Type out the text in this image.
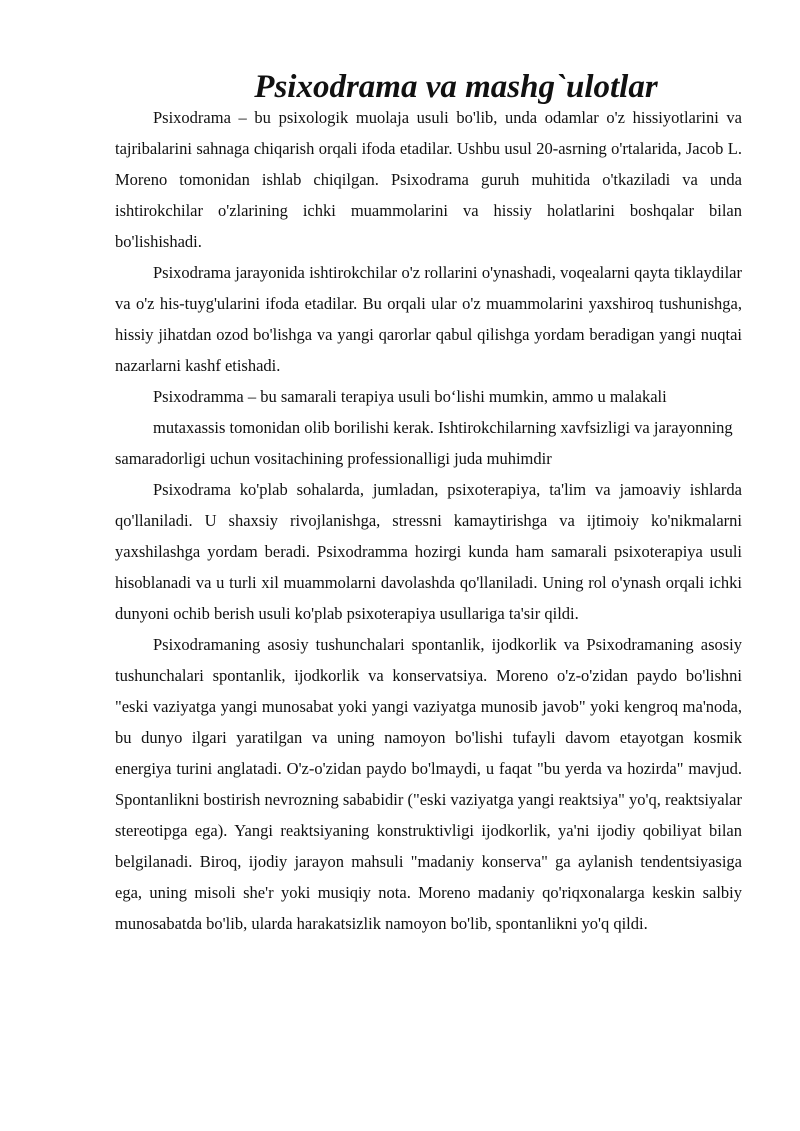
Psixodrama va mashg`ulotlar

Psixodrama – bu psixologik muolaja usuli bo'lib, unda odamlar o'z hissiyotlarini va tajribalarini sahnaga chiqarish orqali ifoda etadilar. Ushbu usul 20-asrning o'rtalarida, Jacob L. Moreno tomonidan ishlab chiqilgan. Psixodrama guruh muhitida o'tkaziladi va unda ishtirokchilar o'zlarining ichki muammolarini va hissiy holatlarini boshqalar bilan bo'lishishadi.

Psixodrama jarayonida ishtirokchilar o'z rollarini o'ynashadi, voqealarni qayta tiklaydilar va o'z his-tuyg'ularini ifoda etadilar. Bu orqali ular o'z muammolarini yaxshiroq tushunishga, hissiy jihatdan ozod bo'lishga va yangi qarorlar qabul qilishga yordam beradigan yangi nuqtai nazarlarni kashf etishadi.

Psixodramma – bu samarali terapiya usuli bo‘lishi mumkin, ammo u malakali

mutaxassis tomonidan olib borilishi kerak. Ishtirokchilarning xavfsizligi va jarayonning samaradorligi uchun vositachining professionalligi juda muhimdir

Psixodrama ko'plab sohalarda, jumladan, psixoterapiya, ta'lim va jamoaviy ishlarda qo'llaniladi. U shaxsiy rivojlanishga, stressni kamaytirishga va ijtimoiy ko'nikmalarni yaxshilashga yordam beradi. Psixodramma hozirgi kunda ham samarali psixoterapiya usuli hisoblanadi va u turli xil muammolarni davolashda qo'llaniladi. Uning rol o'ynash orqali ichki dunyoni ochib berish usuli ko'plab psixoterapiya usullariga ta'sir qildi.

Psixodramaning asosiy tushunchalari spontanlik, ijodkorlik va Psixodramaning asosiy tushunchalari spontanlik, ijodkorlik va konservatsiya. Moreno o'z-o'zidan paydo bo'lishni "eski vaziyatga yangi munosabat yoki yangi vaziyatga munosib javob" yoki kengroq ma'noda, bu dunyo ilgari yaratilgan va uning namoyon bo'lishi tufayli davom etayotgan kosmik energiya turini anglatadi. O'z-o'zidan paydo bo'lmaydi, u faqat "bu yerda va hozirda" mavjud. Spontanlikni bostirish nevrozning sababidir ("eski vaziyatga yangi reaktsiya" yo'q, reaktsiyalar stereotipga ega). Yangi reaktsiyaning konstruktivligi ijodkorlik, ya'ni ijodiy qobiliyat bilan belgilanadi. Biroq, ijodiy jarayon mahsuli "madaniy konserva" ga aylanish tendentsiyasiga ega, uning misoli she'r yoki musiqiy nota. Moreno madaniy qo'riqxonalarga keskin salbiy munosabatda bo'lib, ularda harakatsizlik namoyon bo'lib, spontanlikni yo'q qildi.
